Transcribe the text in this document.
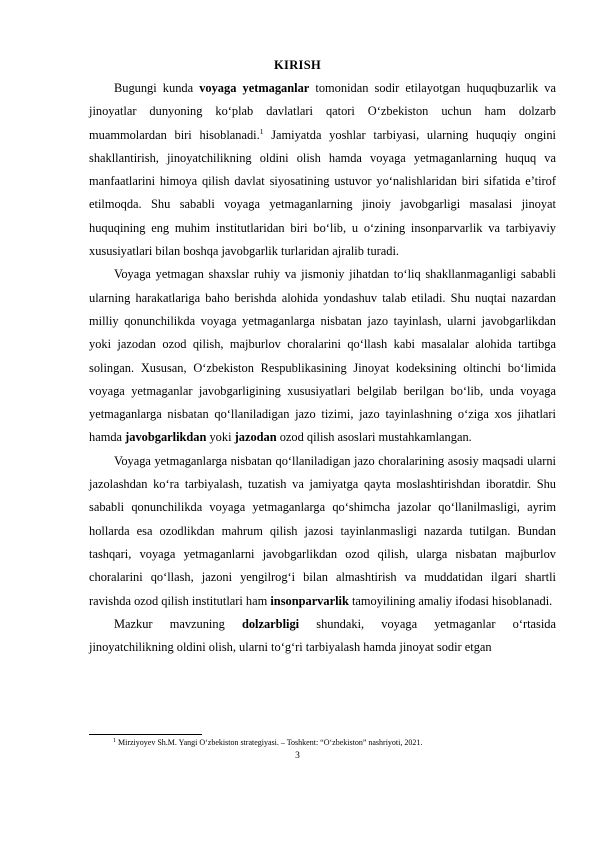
KIRISH

Bugungi kunda voyaga yetmaganlar tomonidan sodir etilayotgan huquqbuzarlik va jinoyatlar dunyoning ko‘plab davlatlari qatori O‘zbekiston uchun ham dolzarb muammolardan biri hisoblanadi.$^1$ Jamiyatda yoshlar tarbiyasi, ularning huquqiy ongini shakllantirish, jinoyatchilikning oldini olish hamda voyaga yetmaganlarning huquq va manfaatlarini himoya qilish davlat siyosatining ustuvor yo‘nalishlaridan biri sifatida e’tirof etilmoqda. Shu sababli voyaga yetmaganlarning jinoiy javobgarligi masalasi jinoyat huquqining eng muhim institutlaridan biri bo‘lib, u o‘zining insonparvarlik va tarbiyaviy xususiyatlari bilan boshqa javobgarlik turlaridan ajralib turadi.

Voyaga yetmagan shaxslar ruhiy va jismoniy jihatdan to‘liq shakllanmaganligi sababli ularning harakatlariga baho berishda alohida yondashuv talab etiladi. Shu nuqtai nazardan milliy qonunchilikda voyaga yetmaganlarga nisbatan jazo tayinlash, ularni javobgarlikdan yoki jazodan ozod qilish, majburlov choralarini qo‘llash kabi masalalar alohida tartibga solingan. Xususan, O‘zbekiston Respublikasining Jinoyat kodeksining oltinchi bo‘limida voyaga yetmaganlar javobgarligining xususiyatlari belgilab berilgan bo‘lib, unda voyaga yetmaganlarga nisbatan qo‘llaniladigan jazo tizimi, jazo tayinlashning o‘ziga xos jihatlari hamda javobgarlikdan yoki jazodan ozod qilish asoslari mustahkamlangan.

Voyaga yetmaganlarga nisbatan qo‘llaniladigan jazo choralarining asosiy maqsadi ularni jazolashdan ko‘ra tarbiyalash, tuzatish va jamiyatga qayta moslashtirishdan iboratdir. Shu sababli qonunchilikda voyaga yetmaganlarga qo‘shimcha jazolar qo‘llanilmasligi, ayrim hollarda esa ozodlikdan mahrum qilish jazosi tayinlanmasligi nazarda tutilgan. Bundan tashqari, voyaga yetmaganlarni javobgarlikdan ozod qilish, ularga nisbatan majburlov choralarini qo‘llash, jazoni yengilrog‘i bilan almashtirish va muddatidan ilgari shartli ravishda ozod qilish institutlari ham insonparvarlik tamoyilining amaliy ifodasi hisoblanadi.

Mazkur mavzuning dolzarbligi shundaki, voyaga yetmaganlar o‘rtasida jinoyatchilikning oldini olish, ularni to‘g‘ri tarbiyalash hamda jinoyat sodir etgan

$^1$ Mirziyoyev Sh.M. Yangi O‘zbekiston strategiyasi. – Toshkent: “O‘zbekiston” nashriyoti, 2021.
3
